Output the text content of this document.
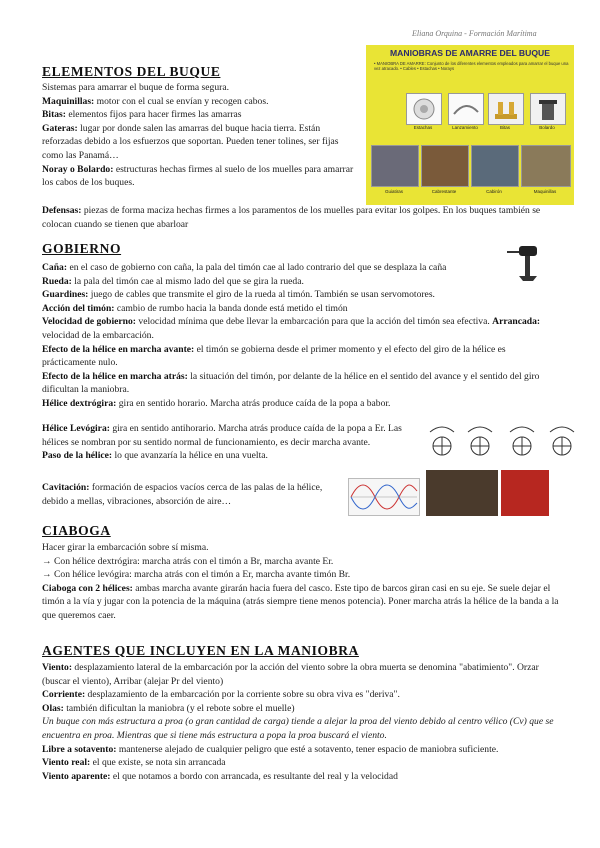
Eliana Orquina - Formación Marítima
MANIOBRAS DE AMARRE DEL BUQUE
• MANIOBRA DE AMARRE: Conjunto de los diferentes elementos empleados para amarrar el buque una vez atracado. • Cables • Estachas • Norays
Estachas	Lanzamiento	Bitas	Bolardo
Guiatiras	Cabrestante	Cabirón	Maquinillas
ELEMENTOS DEL BUQUE

Sistemas para amarrar el buque de forma segura.

Maquinillas: motor con el cual se envían y recogen cabos.

Bitas: elementos fijos para hacer firmes las amarras

Gateras: lugar por donde salen las amarras del buque hacia tierra. Están reforzadas debido a los esfuerzos que soportan. Pueden tener tolines, ser fijas como las Panamá…

Noray o Bolardo: estructuras hechas firmes al suelo de los muelles para amarrar los cabos de los buques.

Defensas: piezas de forma maciza hechas firmes a los paramentos de los muelles para evitar los golpes. En los buques también se colocan cuando se tienen que abarloar

GOBIERNO

Caña: en el caso de gobierno con caña, la pala del timón cae al lado contrario del que se desplaza la caña

Rueda: la pala del timón cae al mismo lado del que se gira la rueda.

Guardines: juego de cables que transmite el giro de la rueda al timón. También se usan servomotores.

Acción del timón: cambio de rumbo hacia la banda donde está metido el timón

Velocidad de gobierno: velocidad mínima que debe llevar la embarcación para que la acción del timón sea efectiva. Arrancada: velocidad de la embarcación.

Efecto de la hélice en marcha avante: el timón se gobierna desde el primer momento y el efecto del giro de la hélice es prácticamente nulo.

Efecto de la hélice en marcha atrás: la situación del timón, por delante de la hélice en el sentido del avance y el sentido del giro dificultan la maniobra.

Hélice dextrógira: gira en sentido horario. Marcha atrás produce caída de la popa a babor.

Hélice Levógira: gira en sentido antihorario. Marcha atrás produce caída de la popa a Er. Las hélices se nombran por su sentido normal de funcionamiento, es decir marcha avante.

Paso de la hélice: lo que avanzaría la hélice en una vuelta.

Cavitación: formación de espacios vacíos cerca de las palas de la hélice, debido a mellas, vibraciones, absorción de aire…

CIABOGA

Hacer girar la embarcación sobre sí misma.

→ Con hélice dextrógira: marcha atrás con el timón a Br, marcha avante Er.

→ Con hélice levógira: marcha atrás con el timón a Er, marcha avante timón Br.

Ciaboga con 2 hélices: ambas marcha avante girarán hacia fuera del casco. Este tipo de barcos giran casi en su eje. Se suele dejar el timón a la vía y jugar con la potencia de la máquina (atrás siempre tiene menos potencia). Poner marcha atrás la hélice de la banda a la que queremos caer.

AGENTES QUE INCLUYEN EN LA MANIOBRA

Viento: desplazamiento lateral de la embarcación por la acción del viento sobre la obra muerta se denomina "abatimiento". Orzar (buscar el viento), Arribar (alejar Pr del viento)

Corriente: desplazamiento de la embarcación por la corriente sobre su obra viva es "deriva".

Olas: también dificultan la maniobra (y el rebote sobre el muelle)

Un buque con más estructura a proa (o gran cantidad de carga) tiende a alejar la proa del viento debido al centro vélico (Cv) que se encuentra en proa. Mientras que si tiene más estructura a popa la proa buscará el viento.

Libre a sotavento: mantenerse alejado de cualquier peligro que esté a sotavento, tener espacio de maniobra suficiente.

Viento real: el que existe, se nota sin arrancada

Viento aparente: el que notamos a bordo con arrancada, es resultante del real y la velocidad
